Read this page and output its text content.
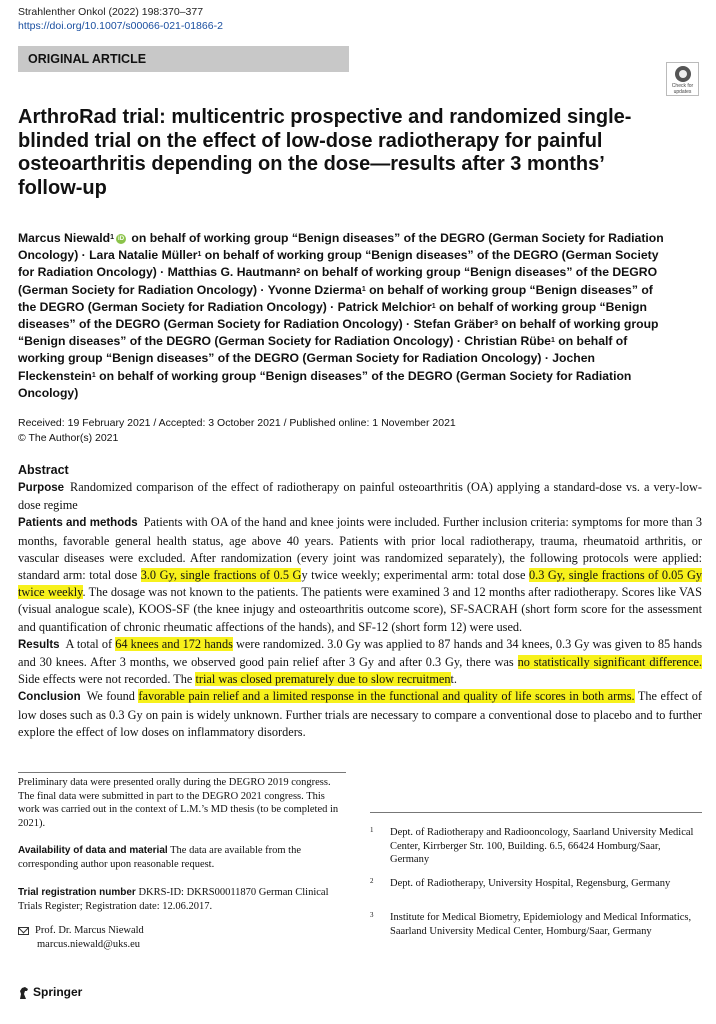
Strahlenther Onkol (2022) 198:370–377
https://doi.org/10.1007/s00066-021-01866-2
ORIGINAL ARTICLE
Check for updates
ArthroRad trial: multicentric prospective and randomized single-blinded trial on the effect of low-dose radiotherapy for painful osteoarthritis depending on the dose—results after 3 months’ follow-up
Marcus Niewald$^1$ iD on behalf of working group “Benign diseases” of the DEGRO (German Society for Radiation Oncology) · Lara Natalie Müller$^1$ on behalf of working group “Benign diseases” of the DEGRO (German Society for Radiation Oncology) · Matthias G. Hautmann$^2$ on behalf of working group “Benign diseases” of the DEGRO (German Society for Radiation Oncology) · Yvonne Dzierma$^1$ on behalf of working group “Benign diseases” of the DEGRO (German Society for Radiation Oncology) · Patrick Melchior$^1$ on behalf of working group “Benign diseases” of the DEGRO (German Society for Radiation Oncology) · Stefan Gräber$^3$ on behalf of working group “Benign diseases” of the DEGRO (German Society for Radiation Oncology) · Christian Rübe$^1$ on behalf of working group “Benign diseases” of the DEGRO (German Society for Radiation Oncology) · Jochen Fleckenstein$^1$ on behalf of working group “Benign diseases” of the DEGRO (German Society for Radiation Oncology)
Received: 19 February 2021 / Accepted: 3 October 2021 / Published online: 1 November 2021
© The Author(s) 2021
Abstract

Purpose Randomized comparison of the effect of radiotherapy on painful osteoarthritis (OA) applying a standard-dose vs. a very-low-dose regime

Patients and methods Patients with OA of the hand and knee joints were included. Further inclusion criteria: symptoms for more than 3 months, favorable general health status, age above 40 years. Patients with prior local radiotherapy, trauma, rheumatoid arthritis, or vascular diseases were excluded. After randomization (every joint was randomized separately), the following protocols were applied: standard arm: total dose 3.0 Gy, single fractions of 0.5 Gy twice weekly; experimental arm: total dose 0.3 Gy, single fractions of 0.05 Gy twice weekly. The dosage was not known to the patients. The patients were examined 3 and 12 months after radiotherapy. Scores like VAS (visual analogue scale), KOOS-SF (the knee injugy and osteoarthritis outcome score), SF-SACRAH (short form score for the assessment and quantification of chronic rheumatic affections of the hands), and SF-12 (short form 12) were used.

Results A total of 64 knees and 172 hands were randomized. 3.0 Gy was applied to 87 hands and 34 knees, 0.3 Gy was given to 85 hands and 30 knees. After 3 months, we observed good pain relief after 3 Gy and after 0.3 Gy, there was no statistically significant difference. Side effects were not recorded. The trial was closed prematurely due to slow recruitment.

Conclusion We found favorable pain relief and a limited response in the functional and quality of life scores in both arms. The effect of low doses such as 0.3 Gy on pain is widely unknown. Further trials are necessary to compare a conventional dose to placebo and to further explore the effect of low doses on inflammatory disorders.

Preliminary data were presented orally during the DEGRO 2019 congress. The final data were submitted in part to the DEGRO 2021 congress. This work was carried out in the context of L.M.’s MD thesis (to be completed in 2021).
Availability of data and material The data are available from the corresponding author upon reasonable request.
Trial registration number DKRS-ID: DKRS00011870 German Clinical Trials Register; Registration date: 12.06.2017.
Prof. Dr. Marcus Niewald
marcus.niewald@uks.eu
1 Dept. of Radiotherapy and Radiooncology, Saarland University Medical Center, Kirrberger Str. 100, Building. 6.5, 66424 Homburg/Saar, Germany
2 Dept. of Radiotherapy, University Hospital, Regensburg, Germany
3 Institute for Medical Biometry, Epidemiology and Medical Informatics, Saarland University Medical Center, Homburg/Saar, Germany
Springer
